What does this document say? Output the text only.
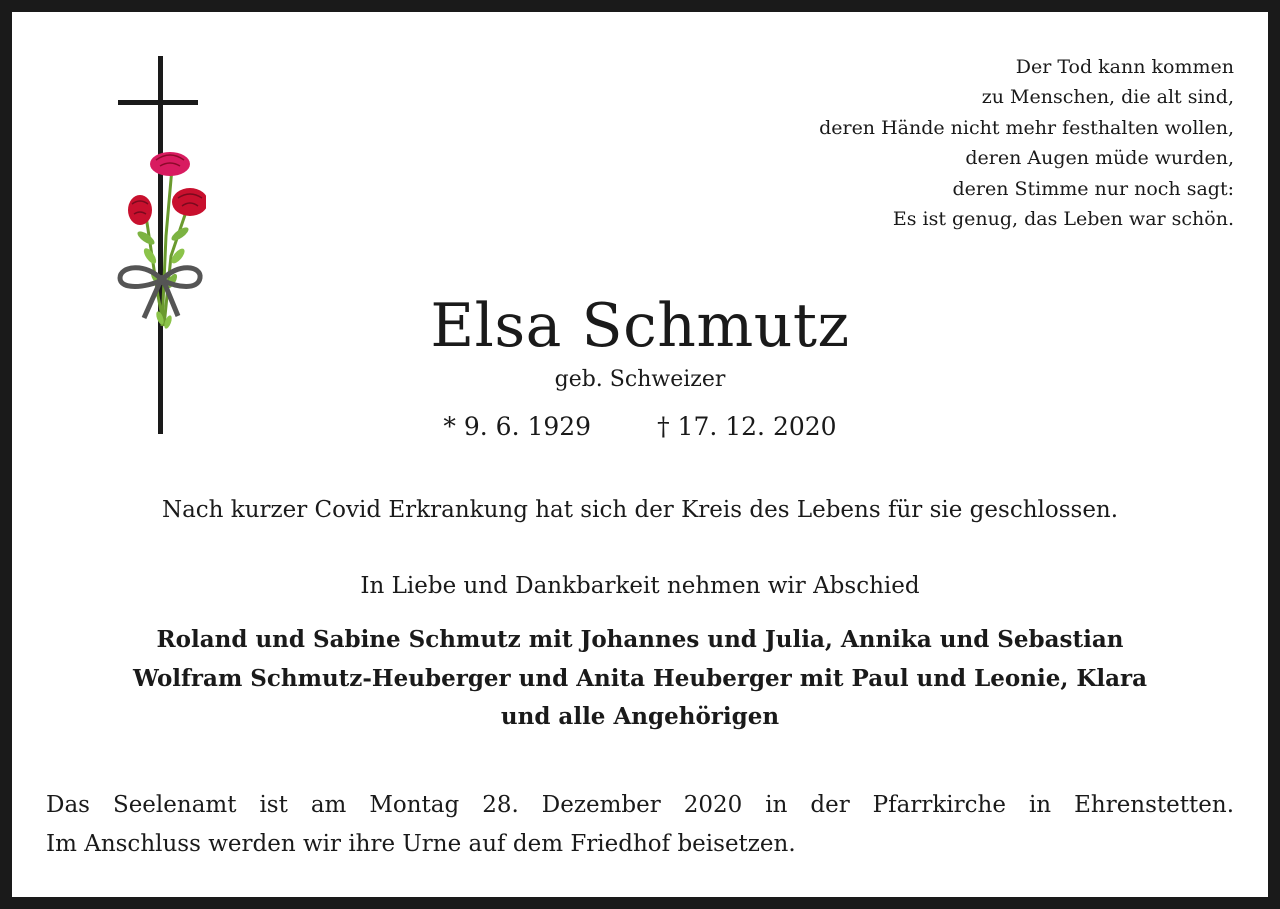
Der Tod kann kommen
zu Menschen, die alt sind,
deren Hände nicht mehr festhalten wollen,
deren Augen müde wurden,
deren Stimme nur noch sagt:
Es ist genug, das Leben war schön.
Elsa Schmutz
geb. Schweizer
* 9. 6. 1929	† 17. 12. 2020
Nach kurzer Covid Erkrankung hat sich der Kreis des Lebens für sie geschlossen.
In Liebe und Dankbarkeit nehmen wir Abschied
Roland und Sabine Schmutz mit Johannes und Julia, Annika und Sebastian
Wolfram Schmutz-Heuberger und Anita Heuberger mit Paul und Leonie, Klara
und alle Angehörigen
Das Seelenamt ist am Montag 28. Dezember 2020 in der Pfarrkirche in Ehrenstetten.
Im Anschluss werden wir ihre Urne auf dem Friedhof beisetzen.
